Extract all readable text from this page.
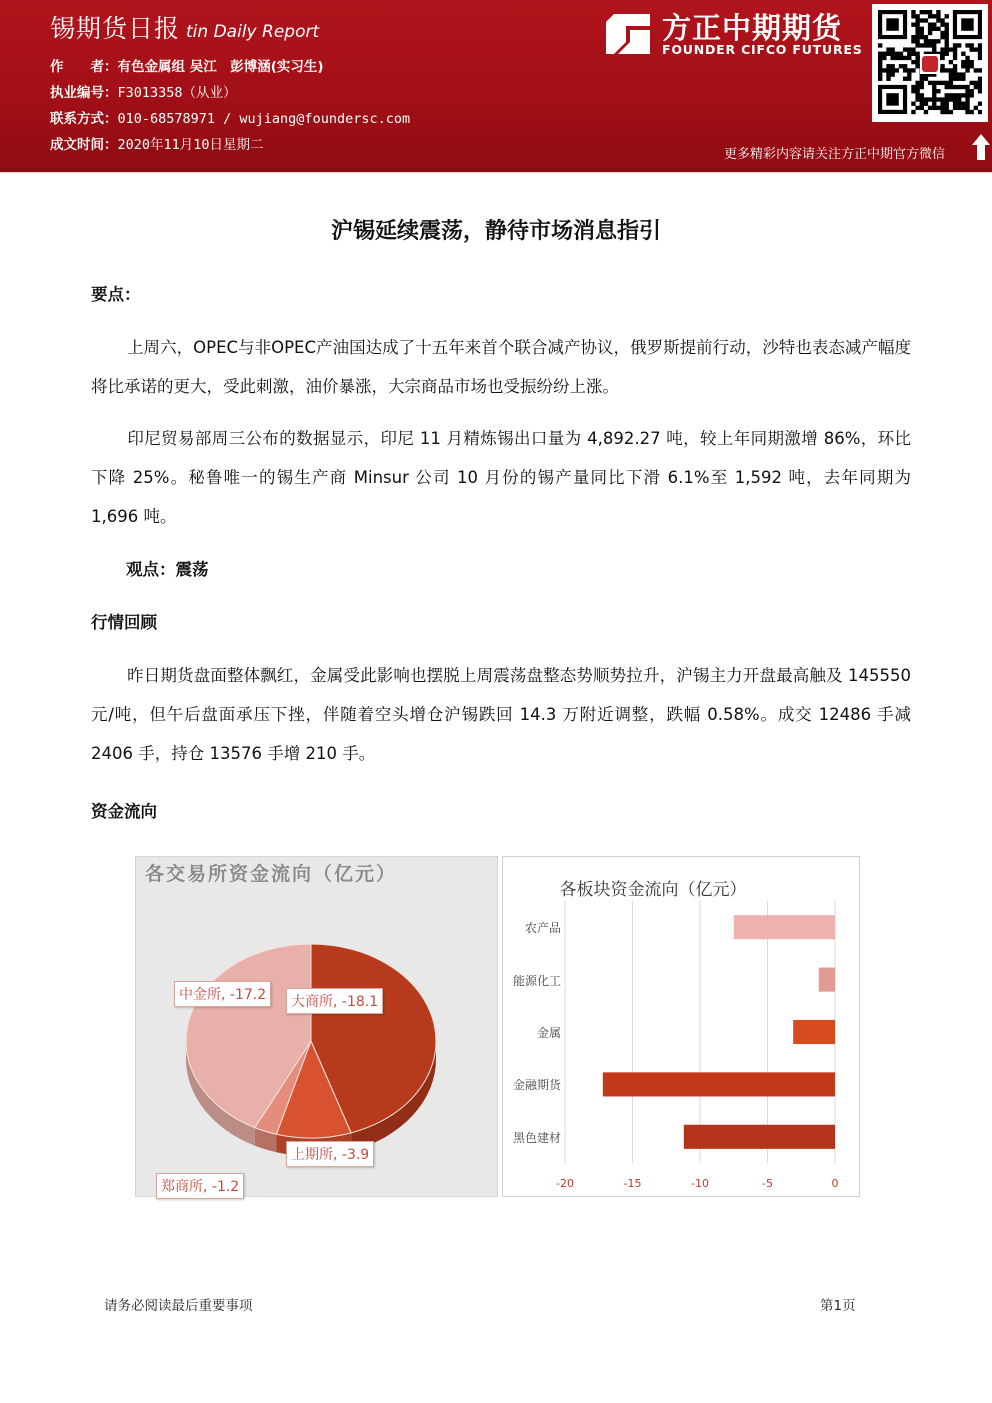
锡期货日报 tin Daily Report
作　　者：有色金属组 吴江　彭博涵(实习生)
执业编号：F3013358（从业）
联系方式：010-68578971 / wujiang@foundersc.com
成文时间：2020年11月10日星期二
方正中期期货
FOUNDER CIFCO FUTURES
更多精彩内容请关注方正中期官方微信
沪锡延续震荡，静待市场消息指引
要点：
上周六，OPEC与非OPEC产油国达成了十五年来首个联合减产协议，俄罗斯提前行动，沙特也表态减产幅度将比承诺的更大，受此刺激，油价暴涨，大宗商品市场也受振纷纷上涨。
印尼贸易部周三公布的数据显示，印尼 11 月精炼锡出口量为 4,892.27 吨，较上年同期激增 86%，环比下降 25%。秘鲁唯一的锡生产商 Minsur 公司 10 月份的锡产量同比下滑 6.1%至 1,592 吨，去年同期为 1,696 吨。
观点：震荡
行情回顾
昨日期货盘面整体飘红，金属受此影响也摆脱上周震荡盘整态势顺势拉升，沪锡主力开盘最高触及 145550 元/吨，但午后盘面承压下挫，伴随着空头增仓沪锡跌回 14.3 万附近调整，跌幅 0.58%。成交 12486 手减 2406 手，持仓 13576 手增 210 手。
资金流向
各交易所资金流向（亿元）
中金所, -17.2	大商所, -18.1
上期所, -3.9
郑商所, -1.2
各板块资金流向（亿元）
农产品
能源化工
金属
金融期货
黑色建材
-20	-15	-10	-5	0
请务必阅读最后重要事项	第1页
